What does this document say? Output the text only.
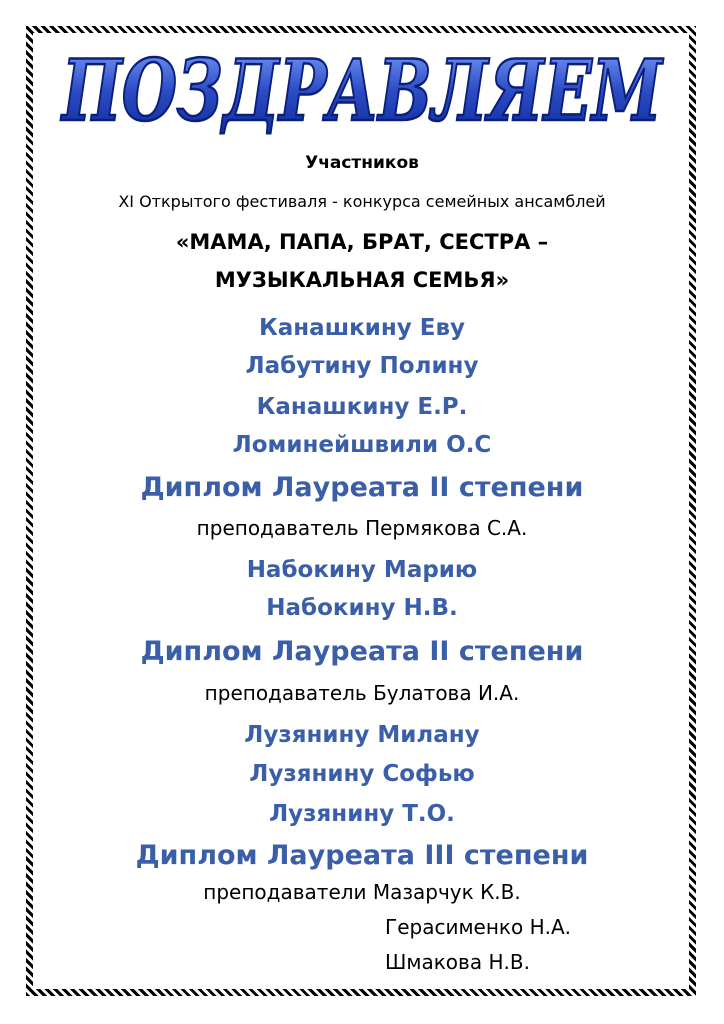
ПОЗДРАВЛЯЕМ
Участников
XI Открытого фестиваля - конкурса семейных ансамблей
«МАМА, ПАПА, БРАТ, СЕСТРА –
МУЗЫКАЛЬНАЯ СЕМЬЯ»
Канашкину Еву
Лабутину Полину
Канашкину Е.Р.
Ломинейшвили О.С
Диплом Лауреата II степени
преподаватель Пермякова С.А.
Набокину Марию
Набокину Н.В.
Диплом Лауреата II степени
преподаватель Булатова И.А.
Лузянину Милану
Лузянину Софью
Лузянину Т.О.
Диплом Лауреата III степени
преподаватели Мазарчук К.В.
Герасименко Н.А.
Шмакова Н.В.
